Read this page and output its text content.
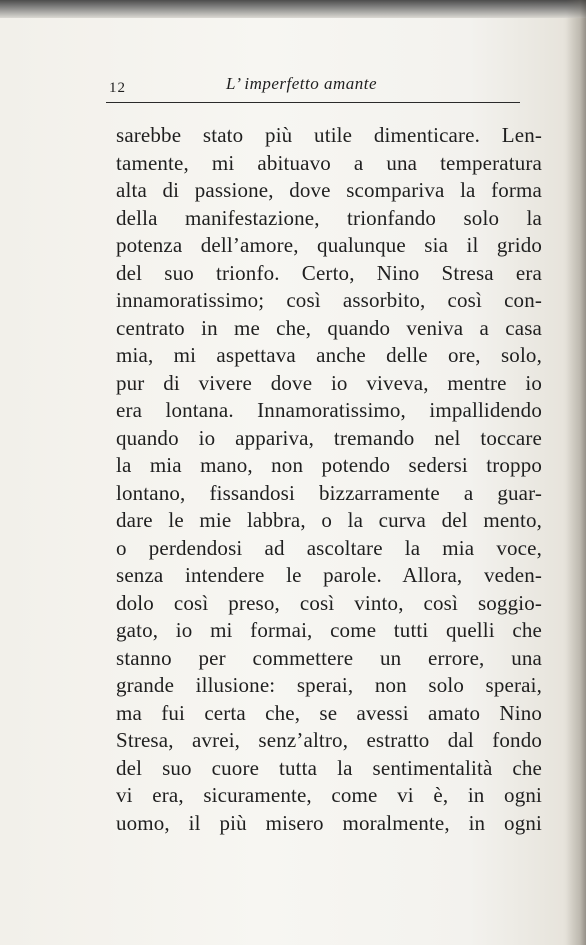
12	L’ imperfetto amante
sarebbe stato più utile dimenticare. Len-
tamente, mi abituavo a una temperatura
alta di passione, dove scompariva la forma
della manifestazione, trionfando solo la
potenza dell’amore, qualunque sia il grido
del suo trionfo. Certo, Nino Stresa era
innamoratissimo; così assorbito, così con-
centrato in me che, quando veniva a casa
mia, mi aspettava anche delle ore, solo,
pur di vivere dove io viveva, mentre io
era lontana. Innamoratissimo, impallidendo
quando io appariva, tremando nel toccare
la mia mano, non potendo sedersi troppo
lontano, fissandosi bizzarramente a guar-
dare le mie labbra, o la curva del mento,
o perdendosi ad ascoltare la mia voce,
senza intendere le parole. Allora, veden-
dolo così preso, così vinto, così soggio-
gato, io mi formai, come tutti quelli che
stanno per commettere un errore, una
grande illusione: sperai, non solo sperai,
ma fui certa che, se avessi amato Nino
Stresa, avrei, senz’altro, estratto dal fondo
del suo cuore tutta la sentimentalità che
vi era, sicuramente, come vi è, in ogni
uomo, il più misero moralmente, in ogni
